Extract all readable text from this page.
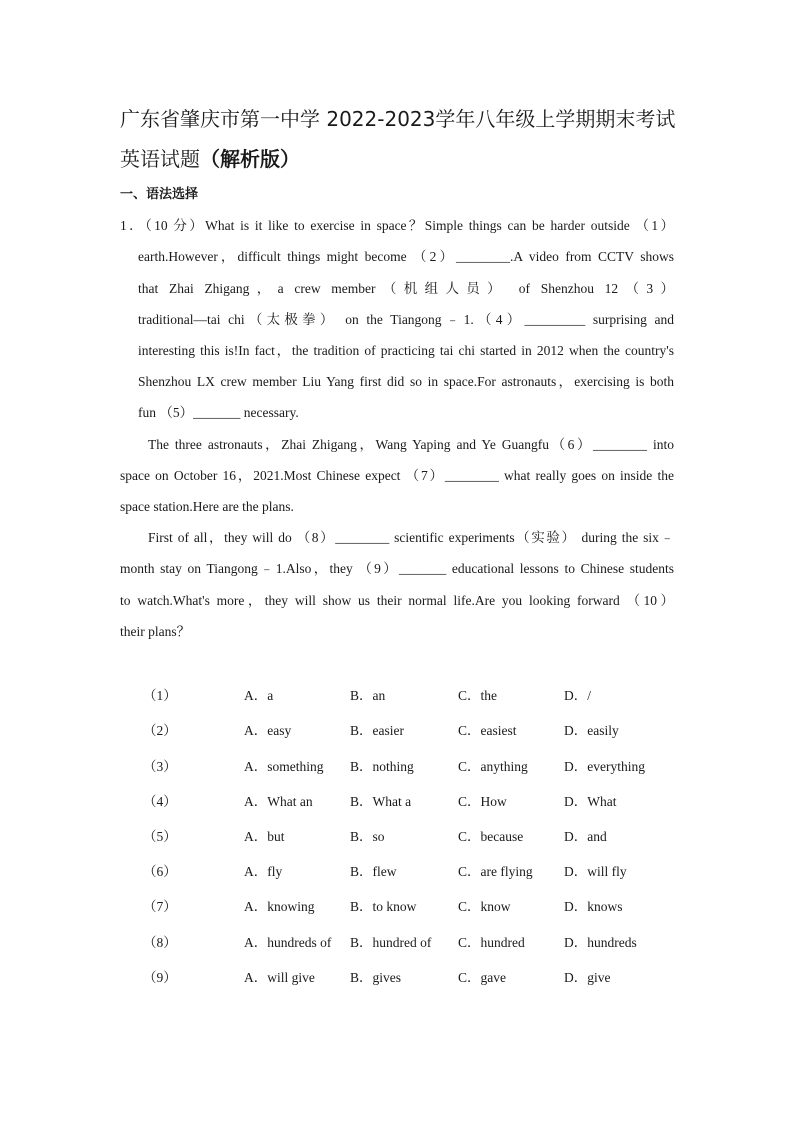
广东省肇庆市第一中学 2022-2023学年八年级上学期期末考试
英语试题（解析版）
一、语法选择
1．（10 分）What is it like to exercise in space？Simple things can be harder outside （1）
earth.However，difficult things might become （2）________.A video from CCTV shows
that Zhai Zhigang，a crew member（机组人员） of Shenzhou 12（3）
traditional—tai chi（太极拳） on the Tiangong﹣1.（4）_________ surprising and
interesting this is!In fact，the tradition of practicing tai chi started in 2012 when the country's
Shenzhou LX crew member Liu Yang first did so in space.For astronauts，exercising is both
fun （5）_______ necessary.
The three astronauts，Zhai Zhigang，Wang Yaping and Ye Guangfu（6）________ into
space on October 16，2021.Most Chinese expect （7）________ what really goes on inside the
space station.Here are the plans.
First of all，they will do （8）________ scientific experiments（实验） during the six﹣
month stay on Tiangong﹣1.Also，they （9）_______ educational lessons to Chinese students
to watch.What's more，they will show us their normal life.Are you looking forward （10）
their plans？
（1）	A．a	B．an	C．the	D．/
（2）	A．easy	B．easier	C．easiest	D．easily
（3）	A．something B．nothing	C．anything	D．everything
（4）	A．What an	B．What a	C．How	D．What
（5）	A．but	B．so	C．because	D．and
（6）	A．fly	B．flew	C．are flying D．will fly
（7）	A．knowing	B．to know	C．know	D．knows
（8）	A．hundreds of B．hundred of C．hundred	D．hundreds
（9）	A．will give	B．gives	C．gave	D．give
